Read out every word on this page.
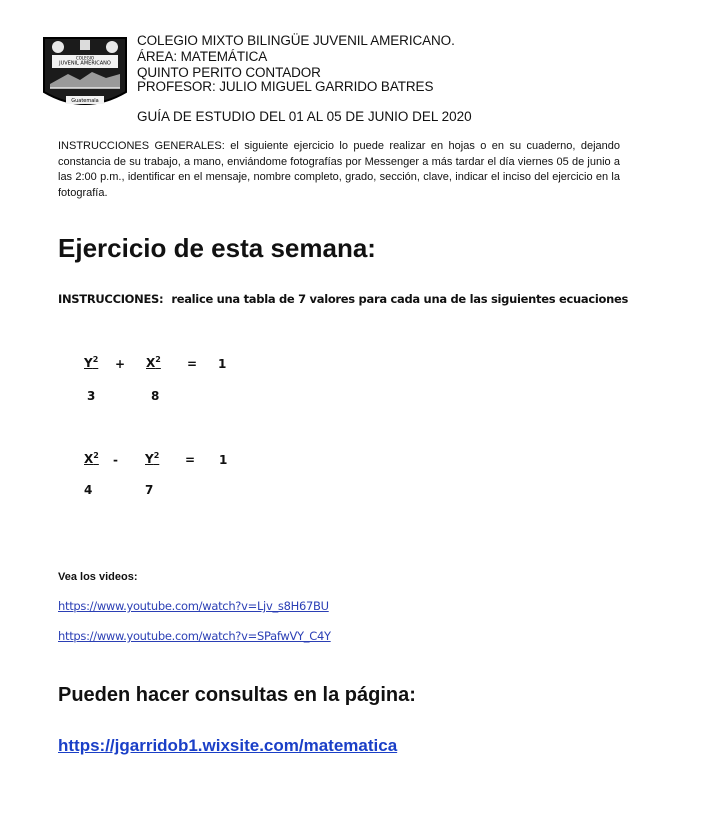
COLEGIO
JUVENIL AMERICANO
Guatemala
COLEGIO MIXTO BILINGÜE JUVENIL AMERICANO.
ÁREA: MATEMÁTICA
QUINTO PERITO CONTADOR
PROFESOR: JULIO MIGUEL GARRIDO BATRES
GUÍA DE ESTUDIO DEL 01 AL 05 DE JUNIO DEL 2020
INSTRUCCIONES GENERALES: el siguiente ejercicio lo puede realizar en hojas o en su cuaderno, dejando constancia de su trabajo, a mano, enviándome fotografías por Messenger a más tardar el día viernes 05 de junio a las 2:00 p.m., identificar en el mensaje, nombre completo, grado, sección, clave, indicar el inciso del ejercicio en la fotografía.
Ejercicio de esta semana:
INSTRUCCIONES: realice una tabla de 7 valores para cada una de las siguientes ecuaciones
$Y^2 + X^2 = 1$
3	8
$X^2 - Y^2 = 1$
4	7
Vea los videos:
https://www.youtube.com/watch?v=Ljv_s8H67BU
https://www.youtube.com/watch?v=SPafwVY_C4Y
Pueden hacer consultas en la página:
https://jgarridob1.wixsite.com/matematica
